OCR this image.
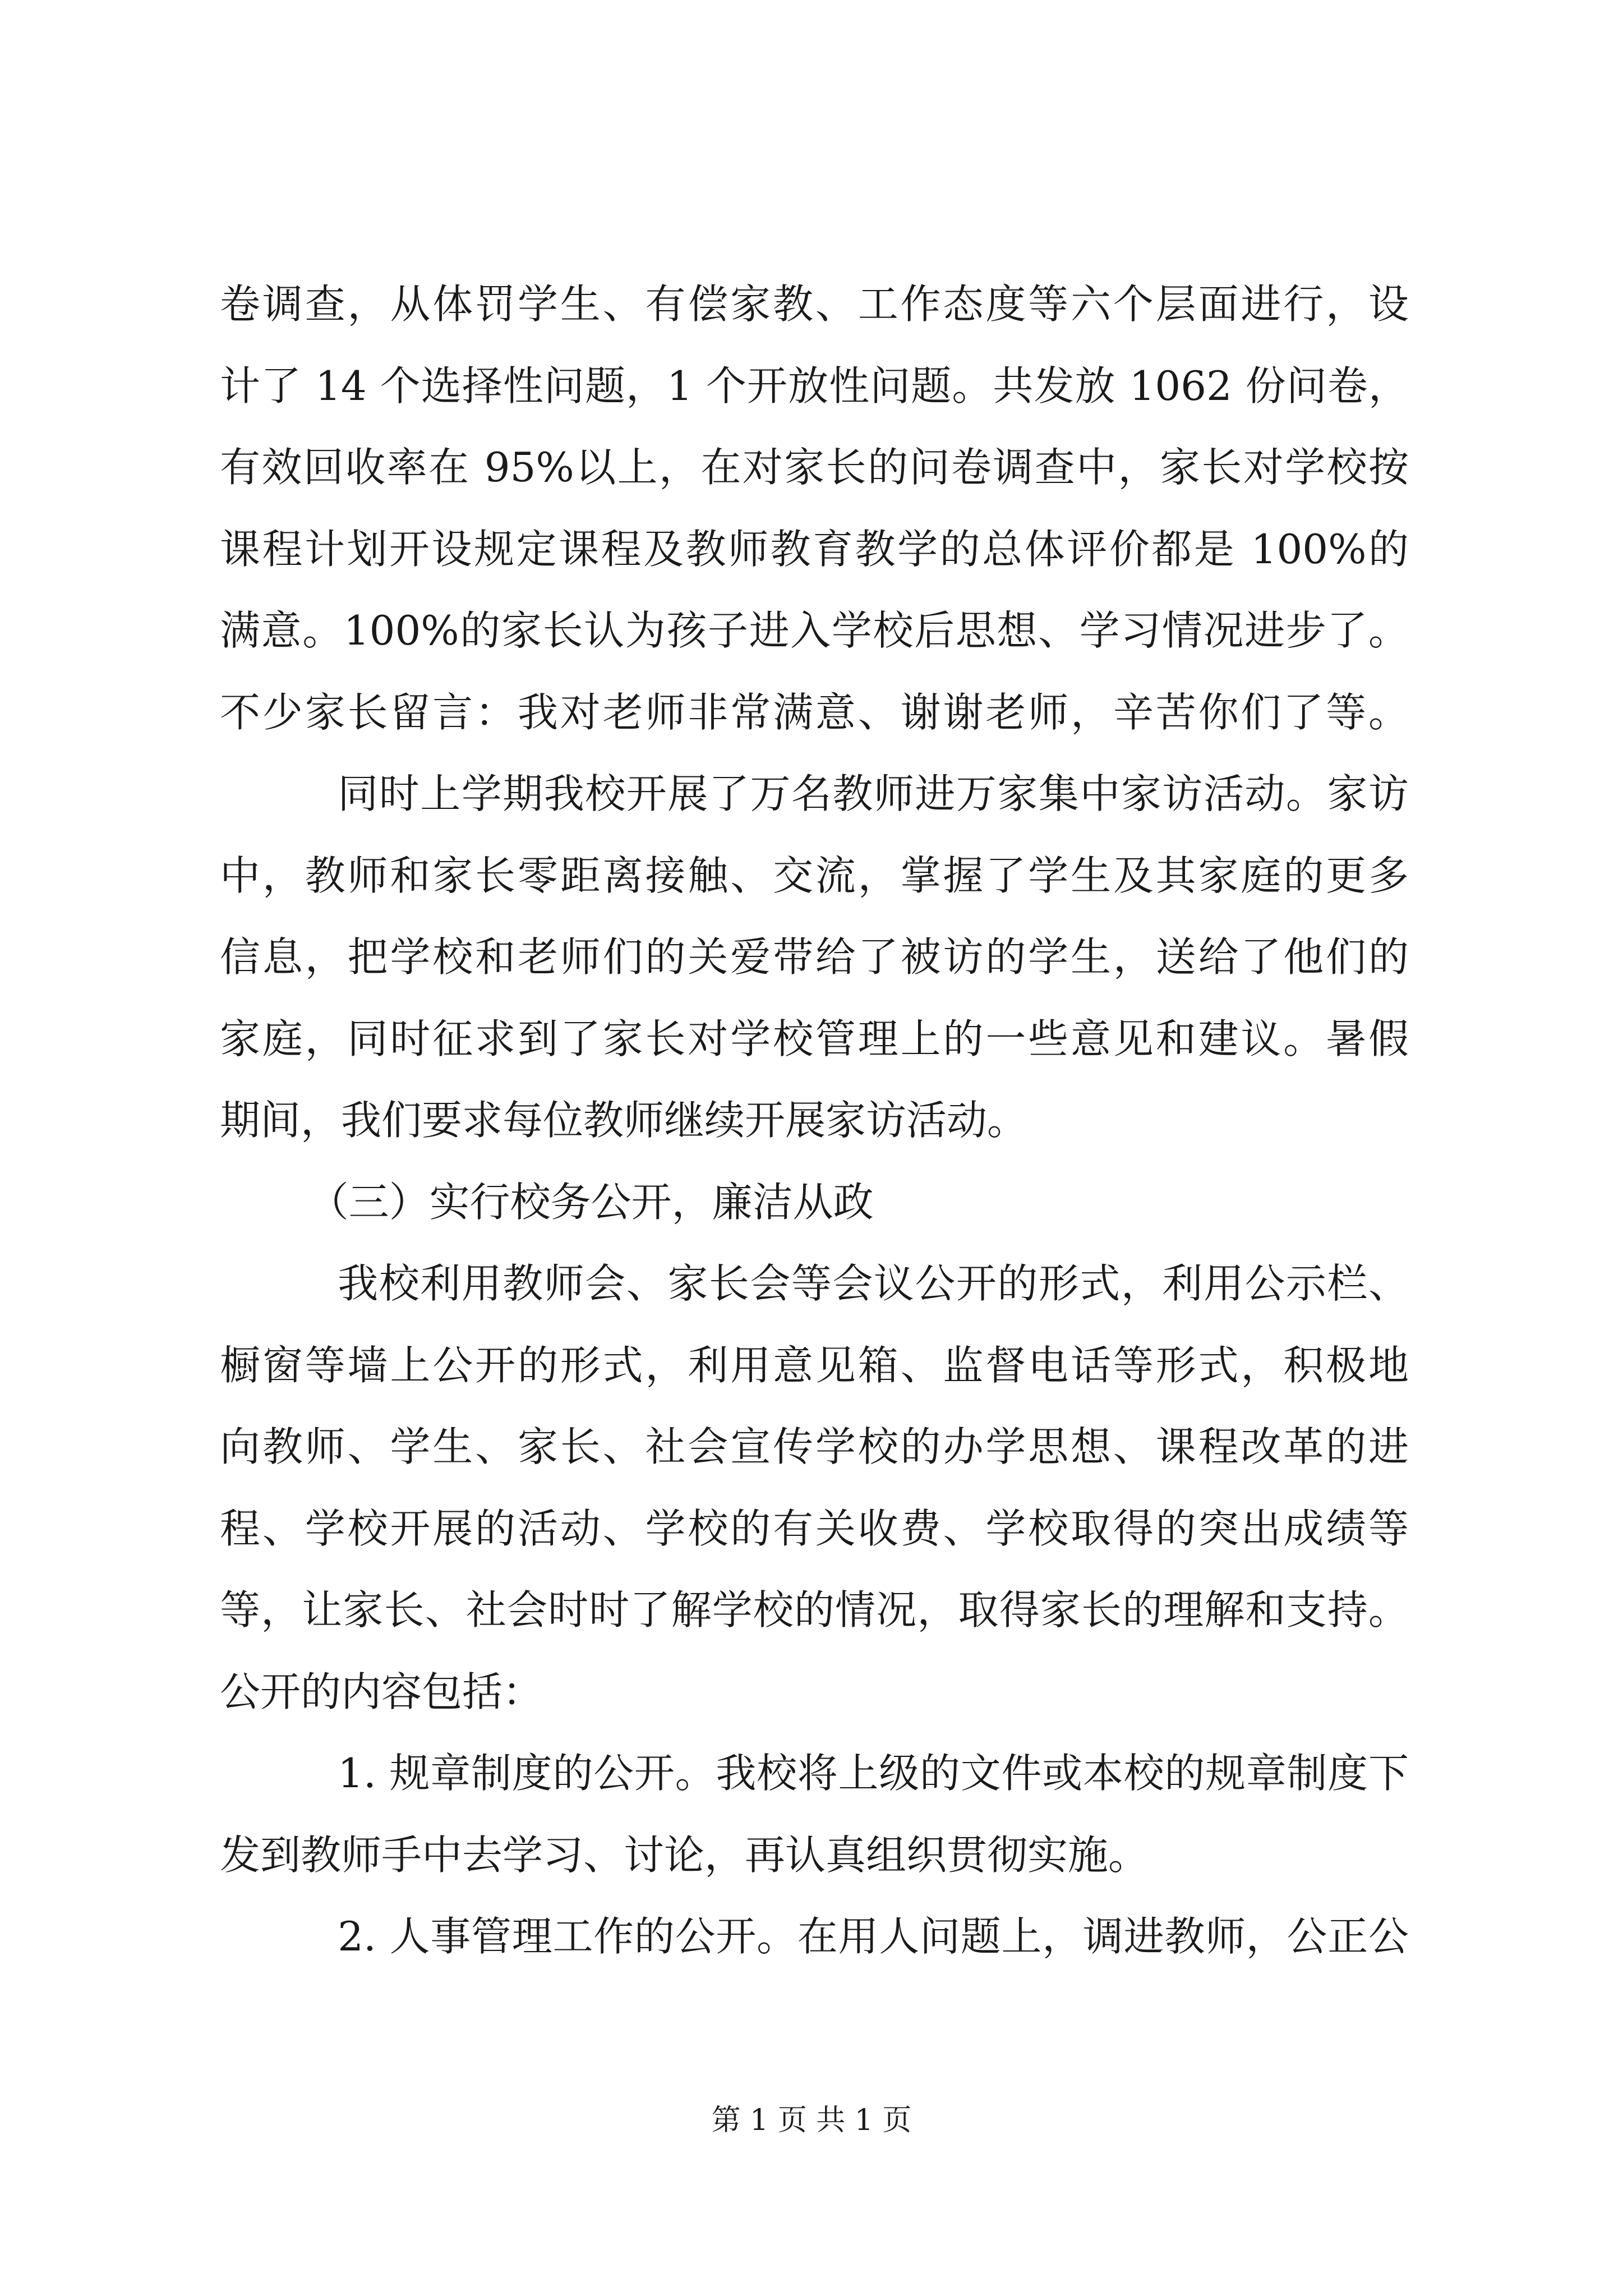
卷调查，从体罚学生、有偿家教、工作态度等六个层面进行，设
计了 14 个选择性问题，1 个开放性问题。共发放 1062 份问卷，
有效回收率在 95%以上，在对家长的问卷调查中，家长对学校按
课程计划开设规定课程及教师教育教学的总体评价都是 100%的
满意。100%的家长认为孩子进入学校后思想、学习情况进步了。
不少家长留言：我对老师非常满意、谢谢老师，辛苦你们了等。
同时上学期我校开展了万名教师进万家集中家访活动。家访
中，教师和家长零距离接触、交流，掌握了学生及其家庭的更多
信息，把学校和老师们的关爱带给了被访的学生，送给了他们的
家庭，同时征求到了家长对学校管理上的一些意见和建议。暑假
期间，我们要求每位教师继续开展家访活动。
（三）实行校务公开，廉洁从政
我校利用教师会、家长会等会议公开的形式，利用公示栏、
橱窗等墙上公开的形式，利用意见箱、监督电话等形式，积极地
向教师、学生、家长、社会宣传学校的办学思想、课程改革的进
程、学校开展的活动、学校的有关收费、学校取得的突出成绩等
等，让家长、社会时时了解学校的情况，取得家长的理解和支持。
公开的内容包括：
1. 规章制度的公开。我校将上级的文件或本校的规章制度下
发到教师手中去学习、讨论，再认真组织贯彻实施。
2. 人事管理工作的公开。在用人问题上，调进教师，公正公
第 1 页 共 1 页
